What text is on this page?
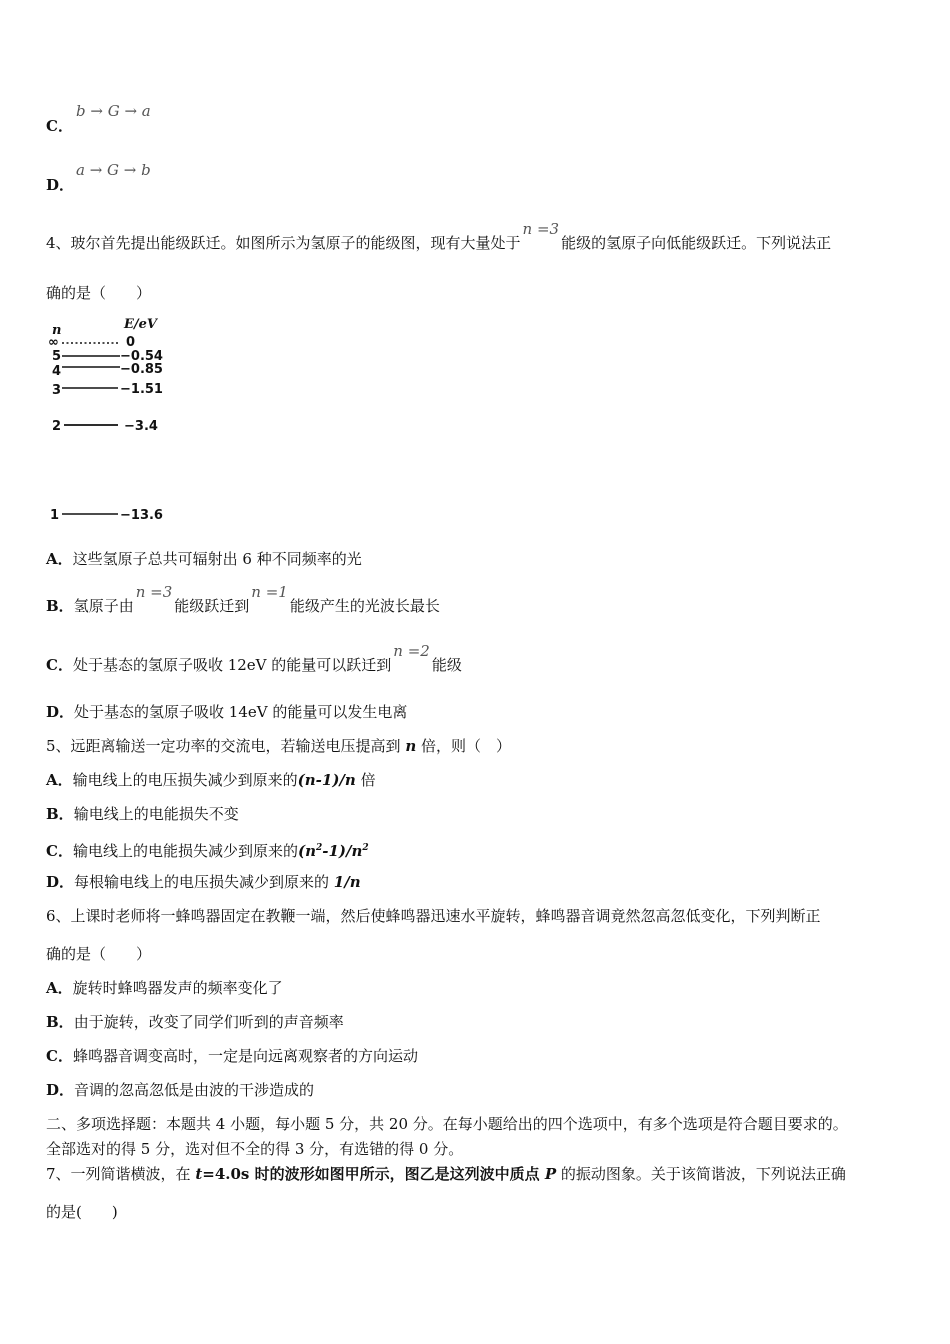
C．
b → G → a
D．
a → G → b
4、玻尔首先提出能级跃迁。如图所示为氢原子的能级图，现有大量处于n =3能级的氢原子向低能级跃迁。下列说法正
确的是（　　）
n	E/eV
∞	0
5	−0.54
4	−0.85
3	−1.51
2	−3.4
1	−13.6
A．这些氢原子总共可辐射出 6 种不同频率的光
B．氢原子由n =3能级跃迁到n =1能级产生的光波长最长
C．处于基态的氢原子吸收 12eV 的能量可以跃迁到n =2能级
D．处于基态的氢原子吸收 14eV 的能量可以发生电离
5、远距离输送一定功率的交流电，若输送电压提高到 n 倍，则（　）
A．输电线上的电压损失减少到原来的(n-1)/n 倍
B．输电线上的电能损失不变
C．输电线上的电能损失减少到原来的$(n^2-1)/n^2$
D．每根输电线上的电压损失减少到原来的 1/n
6、上课时老师将一蜂鸣器固定在教鞭一端，然后使蜂鸣器迅速水平旋转，蜂鸣器音调竟然忽高忽低变化，下列判断正
确的是（　　）
A．旋转时蜂鸣器发声的频率变化了
B．由于旋转，改变了同学们听到的声音频率
C．蜂鸣器音调变高时，一定是向远离观察者的方向运动
D．音调的忽高忽低是由波的干涉造成的
二、多项选择题：本题共 4 小题，每小题 5 分，共 20 分。在每小题给出的四个选项中，有多个选项是符合题目要求的。
全部选对的得 5 分，选对但不全的得 3 分，有选错的得 0 分。
7、一列简谐横波，在 t=4.0s 时的波形如图甲所示，图乙是这列波中质点 P 的振动图象。关于该简谐波，下列说法正确
的是(　　)
